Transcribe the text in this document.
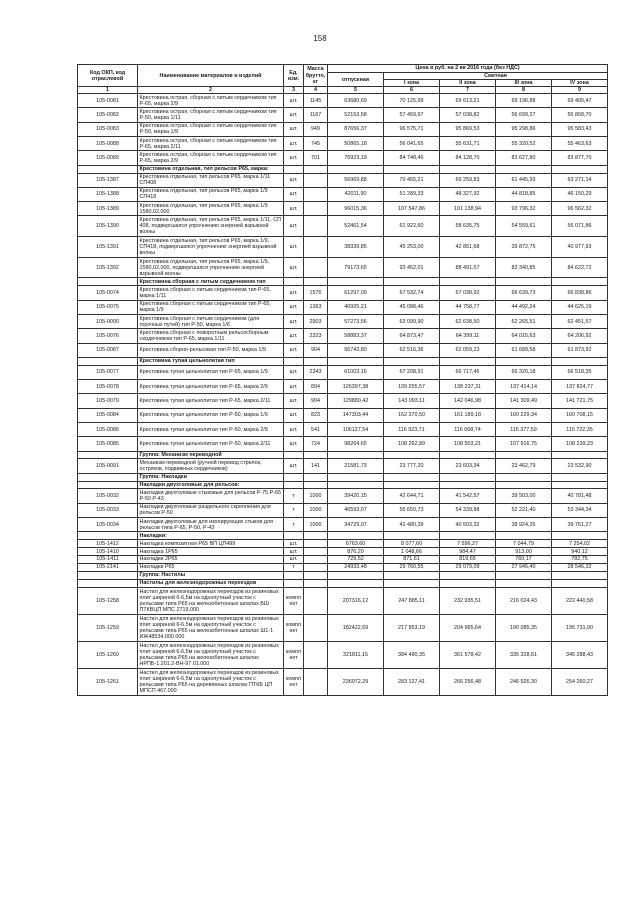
158
Код ОКП, код отраслевой	Наименование материалов и изделий	Ед. изм.	Масса брутто, кг	Цена в руб. на 2 кв 2016 года (без НДС)				
				отпускная	Сметная			
					I зона	II зона	III зона	IV зона
1	2	3	4	5	6	7	8	9
105-0081	Крестовина острая, сборная с литым сердечником тип Р-65, марка 2/9	шт.	1145	63680,69	70 125,99	69 613,21	69 196,88	69 405,47
105-0082	Крестовина острая, сборная с литым сердечником тип Р-50, марка 1/11	шт.	1167	52153,58	57 459,97	57 038,82	56 699,27	56 868,70
105-0083	Крестовина острая, сборная с литым сердечником тип Р-50, марка 1/9	шт.	949	87656,37	96 575,71	95 869,53	95 298,86	95 583,43
105-0088	Крестовина острая, сборная с литым сердечником тип Р-65, марка 2/11	шт.	745	50865,18	56 041,65	55 631,71	55 320,52	55 463,63
105-0089	Крестовина острая, сборная с литым сердечником тип Р-65, марка 2/9	шт.	701	76923,19	84 748,46	84 128,70	83 627,80	83 877,70
	Крестовина отдельная, тип рельсов Р65, марка:							
105-1387	Крестовина отдельная, тип рельсов Р65, марка 1/11 СП408	шт.		56969,88	70 455,21	69 259,83	61 445,93	63 271,14
105-1388	Крестовина отдельная, тип рельсов Р65, марка 1/9 СП418	шт.		42011,90	51 289,33	48 327,92	44 818,85	46 150,29
105-1389	Крестовина отдельная, тип рельсов Р65, марка 1/9 1580.02.000	шт.		96015,36	107 547,86	101 138,94	93 796,32	96 562,32
105-1390	Крестовина отдельная, тип рельсов Р65, марка 1/11, СП 408, подвергшаяся упрочнению энергией взрывной волны	шт.		52461,54	61 922,60	58 635,75	54 559,61	56 071,86
105-1391	Крестовина отдельная, тип рельсов Р65, марка 1/9, СП418, подвергшаяся упрочнению энергией взрывной волны	шт.		38339,85	45 253,00	42 851,68	39 872,75	40 977,93
105-1392	Крестовина отдельная, тип рельсов Р65, марка 1/9, 1580.02.000, подвергшаяся упрочнению энергией взрывной волны	шт.		79173,65	93 452,01	88 491,57	82 340,85	84 622,72
	Крестовина сборная с литым сердечником тип							
105-0074	Крестовина сборная с литым сердечником тип Р-65, марка 1/11	шт.	1576	61297,09	67 532,74	67 038,92	66 639,73	66 838,86
105-0075	Крестовина сборная с литым сердечником тип Р-65, марка 1/9	шт.	1363	40925,21	45 088,46	44 758,77	44 492,24	44 625,19
105-0090	Крестовина сборная с литым сердечником (для горочных путей) тип Р-50, марка 1/6	шт.	2903	57273,56	63 099,90	62 638,50	62 265,51	62 451,57
105-0076	Крестовина сборная с поворотным рельсосборным сердечником тип Р-65, марка 1/11	шт.	2323	58883,37	64 873,47	64 399,11	64 015,63	64 206,92
105-0087	Крестовина сборно-рельсовая тип Р-50, марка 1/9	шт.	904	56743,80	62 516,36	62 059,23	61 689,58	61 873,92
	Крестовина тупая цельнолитая тип							
105-0077	Крестовина тупая цельнолитая тип Р-65, марка 1/9	шт.	2343	61003,16	67 208,91	66 717,46	66 320,18	66 518,35
105-0078	Крестовина тупая цельнолитая тип Р-65, марка 2/9	шт.	894	126397,38	139 255,57	138 237,31	137 414,14	137 824,77
105-0079	Крестовина тупая цельнолитая тип Р-65, марка 2/11	шт.	904	129880,42	143 093,11	142 046,98	141 309,49	141 721,75
105-0084	Крестовина тупая цельнолитая тип Р-50, марка 1/9	шт.	823	147303,44	162 370,50	161 189,18	160 229,34	160 708,15
105-0086	Крестовина тупая цельнолитая тип Р-50, марка 2/9	шт.	541	106127,54	116 923,71	116 068,74	115 377,59	115 722,35
105-0085	Крестовина тупая цельнолитая тип Р-50, марка 2/11	шт.	724	98264,65	108 262,89	108 503,21	107 916,75	108 239,23
	Группа: Механизм переводной							
105-0091	Механизм переводной (ручной перевод стрелок, остряков, подвижных сердечников)	шт.	141	21581,73	23 777,20	23 603,34	23 462,79	23 532,90
	Группа: Накладки							
	Накладки двухголовые для рельсов:							
105-0032	Накладки двухголовые стыковые для рельсов Р-75 Р-65 Р-50 Р-43	т	1000	39420,15	42 644,71	41 542,57	39 503,00	40 781,48
105-0033	Накладки двухголовые раздельного скрепления для рельсов Р-50	т	1000	46593,07	55 650,73	54 339,88	52 221,40	53 344,34
105-0034	Накладки двухголовые для изолирующих стыков для рельсов типа Р-65, Р-50, Р-43	т	1000	34729,07	41 480,39	40 503,32	38 924,26	39 761,27
	Накладки:							
105-1412	Накладка композитная Р65 ВП ЦП499	шт.		6763,60	8 077,60	7 596,27	7 044,79	7 254,02
105-1410	Накладка 1Р65	шт.		876,20	1 048,66	984,47	913,00	940,12
105-1411	Накладки 2Р65	шт.		729,52	871,61	819,65	760,17	782,75
105-2141	Накладки Р65	т		24933,48	29 760,55	29 079,09	27 945,40	28 546,32
	Группа: Настилы							
	Настилы для железнодорожных переездов							
105-1258	Настил для железнодорожных переездов из резиновых плит шириной 6-6,5м на однопутный участок с рельсами типа Р65 на железобетонных шпалах БШ ПТКВЦП МПС 2719.000	компл ект		207316,12	247 885,11	232 935,51	216 024,43	222 440,58
105-1259	Настил для железнодорожных переездов из резиновых плит шириной 6-6,5м на однопутный участок с рельсами типа Р65 на железобетонных шпалах Ш1-1 ИЖ48534.000.000	компл ект		182422,69	217 953,19	204 965,64	190 085,35	195 731,00
105-1260	Настил для железнодорожных переездов из резиновых плит шириной 6-6,5м на однопутный участок с рельсами типа Р65 на железобетонных шпалах НРПБ-1.201.2-ВН-97 01.000	компл ект		321811,15	384 490,35	361 578,42	335 328,61	345 288,43
105-1261	Настил для железнодорожных переездов из резиновых плит шириной 6-6,5м на однопутный участок с рельсами типа Р65 на деревянных шпалах ПТКБ ЦП МПСП 467.000	компл ект		236972,29	283 127,41	266 256,48	246 926,30	254 260,27
